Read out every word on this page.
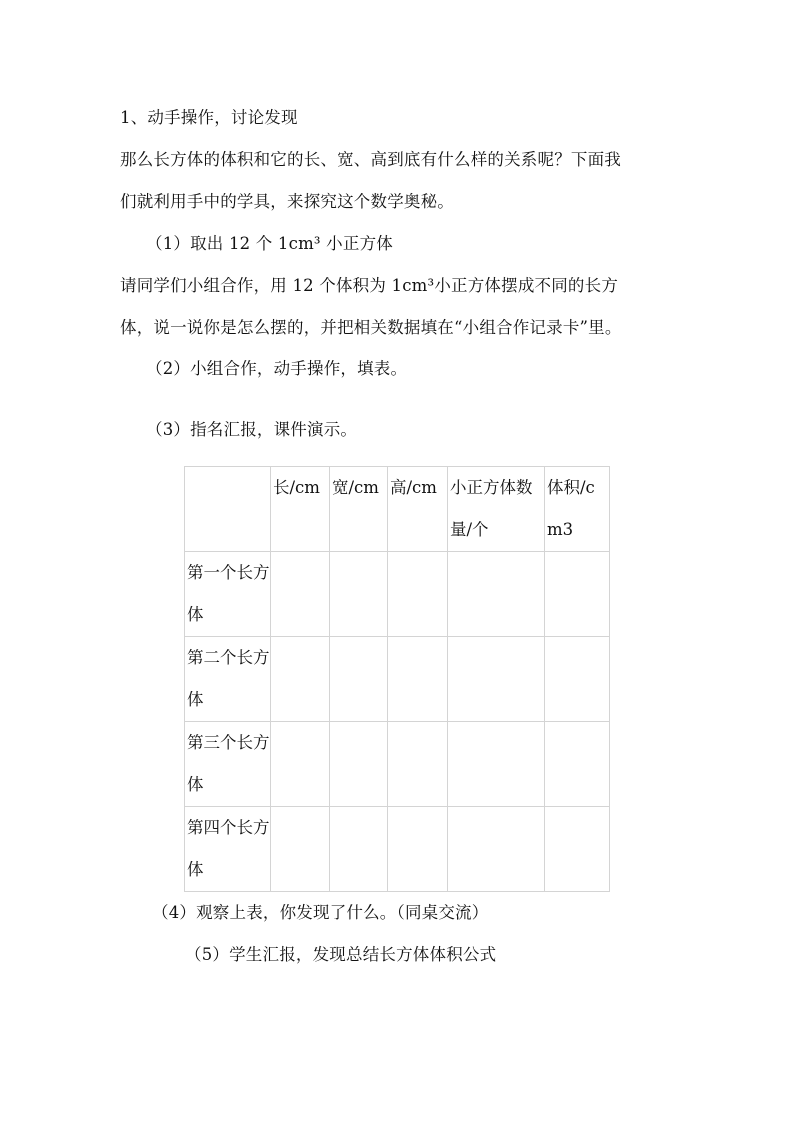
1、动手操作，讨论发现
那么长方体的体积和它的长、宽、高到底有什么样的关系呢？下面我
们就利用手中的学具，来探究这个数学奥秘。
（1）取出 12 个 1cm³ 小正方体
请同学们小组合作，用 12 个体积为 1cm³小正方体摆成不同的长方
体，说一说你是怎么摆的，并把相关数据填在“小组合作记录卡”里。
（2）小组合作，动手操作，填表。
（3）指名汇报，课件演示。
	长/cm	宽/cm	高/cm	小正方体数量/个	体积/cm3
第一个长方体					
第二个长方体					
第三个长方体					
第四个长方体					
（4）观察上表，你发现了什么。（同桌交流）
（5）学生汇报，发现总结长方体体积公式
